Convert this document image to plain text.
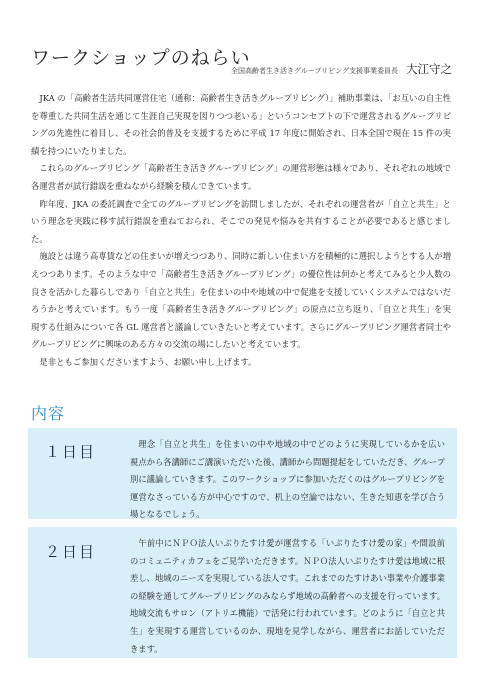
ワークショップのねらい
全国高齢者生き活きグループリビング支援事業委員長 大江守之

JKA の「高齢者生活共同運営住宅（通称：高齢者生き活きグループリビング）」補助事業は、「お互いの自主性を尊重した共同生活を通じて生涯自己実現を図りつつ老いる」というコンセプトの下で運営されるグループリビングの先進性に着目し、その社会的普及を支援するために平成 17 年度に開始され、日本全国で現在 15 件の実績を持つにいたりました。

これらのグループリビング「高齢者生き活きグループリビング」の運営形態は様々であり、それぞれの地域で各運営者が試行錯誤を重ねながら経験を積んできています。

昨年度、JKA の委託調査で全てのグループリビングを訪問しましたが、それぞれの運営者が「自立と共生」という理念を実践に移す試行錯誤を重ねておられ、そこでの発見や悩みを共有することが必要であると感じました。

施設とは違う高専賃などの住まいが増えつつあり、同時に新しい住まい方を積極的に選択しようとする人が増えつつあります。そのような中で「高齢者生き活きグループリビング」の優位性は何かと考えてみると少人数の良さを活かした暮らしであり「自立と共生」を住まいの中や地域の中で促進を支援していくシステムではないだろうかと考えています。もう一度「高齢者生き活きグループリビング」の原点に立ち返り、「自立と共生」を実現する仕組みについて各 GL 運営者と議論していきたいと考えています。さらにグループリビング運営者同士やグループリビングに興味のある方々の交流の場にしたいと考えています。

是非ともご参加くださいますよう、お願い申し上げます。

内容
１日目	理念「自立と共生」を住まいの中や地域の中でどのように実現しているかを広い視点から各講師にご講演いただいた後、講師から問題提起をしていただき、グループ別に議論していきます。このワークショップに参加いただくのはグループリビングを運営なさっている方が中心ですので、机上の空論ではない、生きた知恵を学び合う場となるでしょう。
２日目	午前中にＮＰＯ法人いぶりたすけ愛が運営する「いぶりたすけ愛の家」や間設前のコミュニティカフェをご見学いただきます。ＮＰＯ法人いぶりたすけ愛は地域に根差し、地域のニーズを実現している法人です。これまでのたすけあい事業や介護事業の経験を通してグループリビングのみならず地域の高齢者への支援を行っています。地域交流もサロン（アトリエ機能）で活発に行われています。どのように「自立と共生」を実現する運営しているのか、現地を見学しながら、運営者にお話していただきます。
